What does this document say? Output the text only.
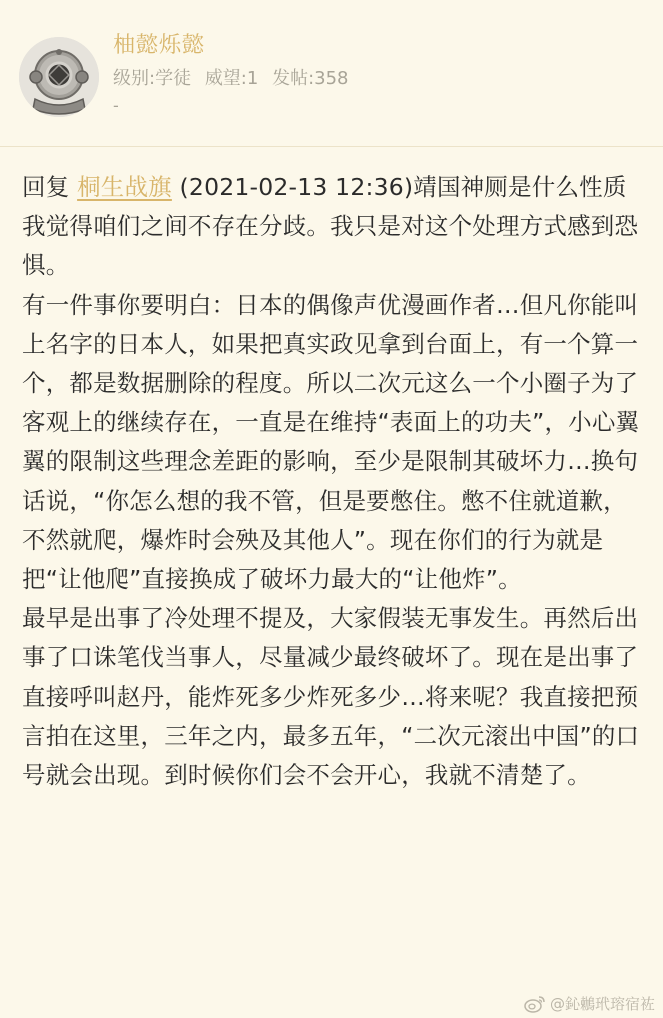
柚懿烁懿
级别:学徒 威望:1 发帖:358
-

回复 桐生战旗 (2021-02-13 12:36)靖国神厕是什么性质我觉得咱们之间不存在分歧。我只是对这个处理方式感到恐惧。

有一件事你要明白：日本的偶像声优漫画作者…但凡你能叫上名字的日本人，如果把真实政见拿到台面上，有一个算一个，都是数据删除的程度。所以二次元这么一个小圈子为了客观上的继续存在，一直是在维持“表面上的功夫”，小心翼翼的限制这些理念差距的影响，至少是限制其破坏力…换句话说，“你怎么想的我不管，但是要憋住。憋不住就道歉，不然就爬，爆炸时会殃及其他人”。现在你们的行为就是把“让他爬”直接换成了破坏力最大的“让他炸”。

最早是出事了冷处理不提及，大家假装无事发生。再然后出事了口诛笔伐当事人，尽量减少最终破坏了。现在是出事了直接呼叫赵丹，能炸死多少炸死多少…将来呢？我直接把预言拍在这里，三年之内，最多五年，“二次元滚出中国”的口号就会出现。到时候你们会不会开心，我就不清楚了。

@鈊鶒玳瑢宿袏
